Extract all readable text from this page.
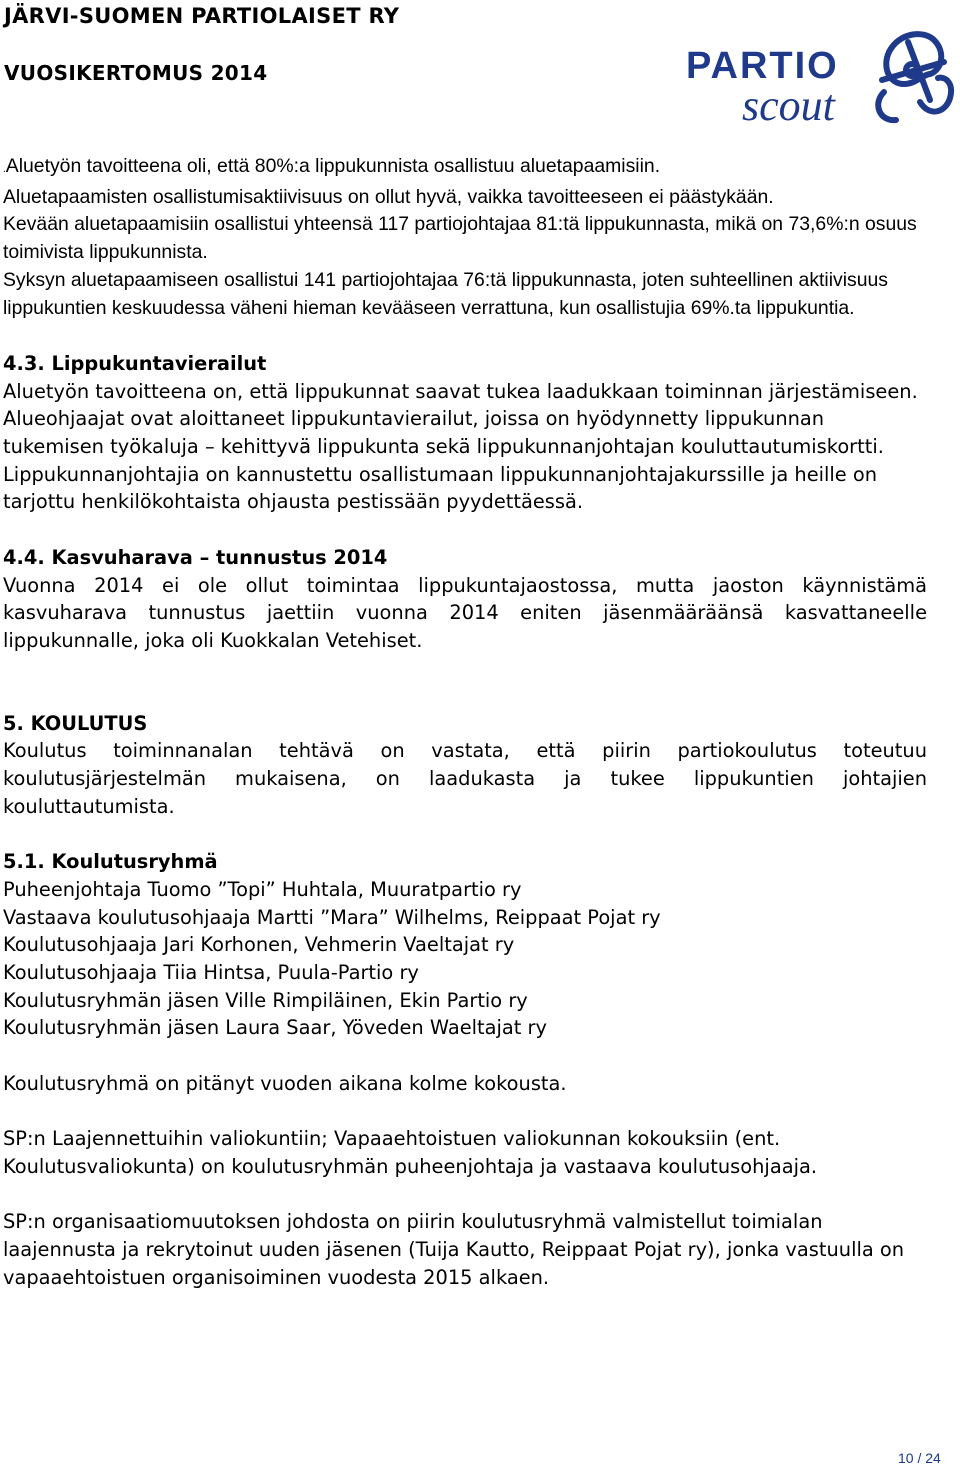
JÄRVI-SUOMEN PARTIOLAISET RY
VUOSIKERTOMUS 2014	PARTIO
scout

.Aluetyön tavoitteena oli, että 80%:a lippukunnista osallistuu aluetapaamisiin.

Aluetapaamisten osallistumisaktiivisuus on ollut hyvä, vaikka tavoitteeseen ei päästykään.

Kevään aluetapaamisiin osallistui yhteensä 117 partiojohtajaa 81:tä lippukunnasta, mikä on 73,6%:n osuus toimivista lippukunnista.

Syksyn aluetapaamiseen osallistui 141 partiojohtajaa 76:tä lippukunnasta, joten suhteellinen aktiivisuus lippukuntien keskuudessa väheni hieman kevääseen verrattuna, kun osallistujia 69%.ta lippukuntia.

4.3. Lippukuntavierailut

Aluetyön tavoitteena on, että lippukunnat saavat tukea laadukkaan toiminnan järjestämiseen. Alueohjaajat ovat aloittaneet lippukuntavierailut, joissa on hyödynnetty lippukunnan tukemisen työkaluja – kehittyvä lippukunta sekä lippukunnanjohtajan kouluttautumiskortti.

Lippukunnanjohtajia on kannustettu osallistumaan lippukunnanjohtajakurssille ja heille on tarjottu henkilökohtaista ohjausta pestissään pyydettäessä.

4.4. Kasvuharava – tunnustus 2014

Vuonna 2014 ei ole ollut toimintaa lippukuntajaostossa, mutta jaoston käynnistämä kasvuharava tunnustus jaettiin vuonna 2014 eniten jäsenmääräänsä kasvattaneelle lippukunnalle, joka oli Kuokkalan Vetehiset.

5. KOULUTUS

Koulutus toiminnanalan tehtävä on vastata, että piirin partiokoulutus toteutuu koulutusjärjestelmän mukaisena, on laadukasta ja tukee lippukuntien johtajien kouluttautumista.

5.1. Koulutusryhmä

Puheenjohtaja Tuomo ”Topi” Huhtala, Muuratpartio ry

Vastaava koulutusohjaaja Martti ”Mara” Wilhelms, Reippaat Pojat ry

Koulutusohjaaja Jari Korhonen, Vehmerin Vaeltajat ry

Koulutusohjaaja Tiia Hintsa, Puula-Partio ry

Koulutusryhmän jäsen Ville Rimpiläinen, Ekin Partio ry

Koulutusryhmän jäsen Laura Saar, Yöveden Waeltajat ry

Koulutusryhmä on pitänyt vuoden aikana kolme kokousta.

SP:n Laajennettuihin valiokuntiin; Vapaaehtoistuen valiokunnan kokouksiin (ent. Koulutusvaliokunta) on koulutusryhmän puheenjohtaja ja vastaava koulutusohjaaja.

SP:n organisaatiomuutoksen johdosta on piirin koulutusryhmä valmistellut toimialan laajennusta ja rekrytoinut uuden jäsenen (Tuija Kautto, Reippaat Pojat ry), jonka vastuulla on vapaaehtoistuen organisoiminen vuodesta 2015 alkaen.

10 / 24
